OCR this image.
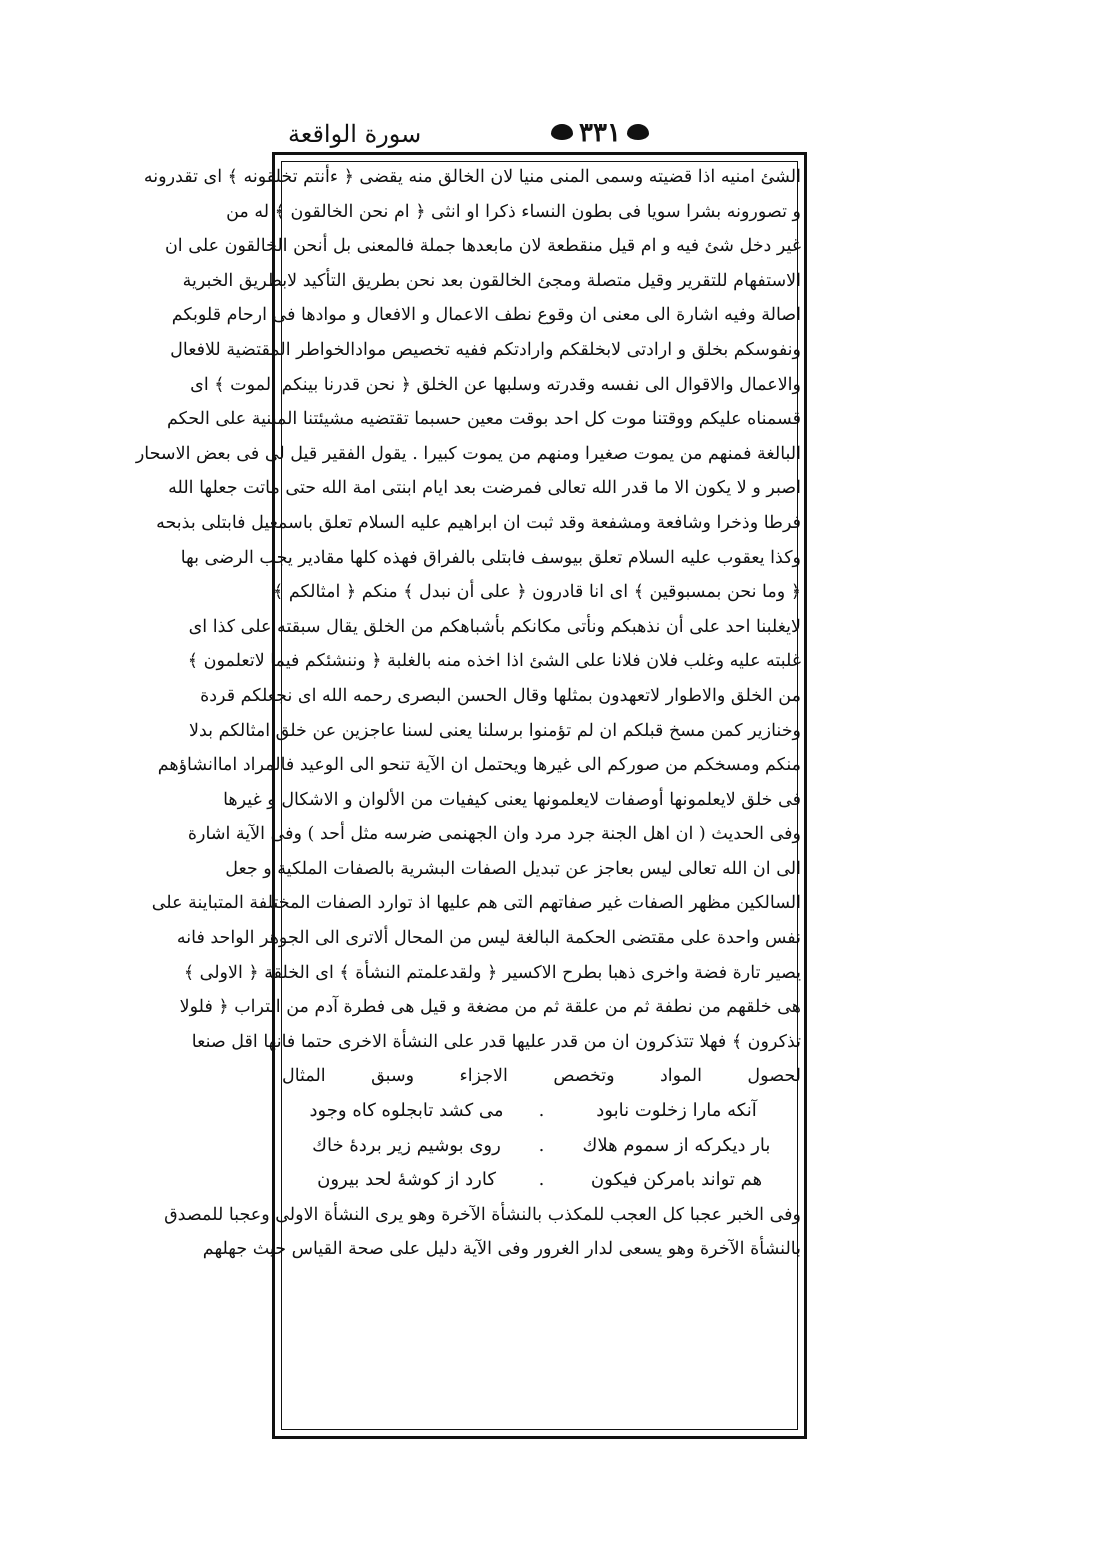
٣٣١
سورة الواقعة
الشئ امنيه اذا قضيته وسمى المنى منيا لان الخالق منه يقضى ﴿ ءأنتم تخلقونه ﴾ اى تقدرونه
و تصورونه بشرا سويا فى بطون النساء ذكرا او انثى ﴿ ام نحن الخالقون ﴾ له من
غير دخل شئ فيه و ام قيل منقطعة لان مابعدها جملة فالمعنى بل أنحن الخالقون على ان
الاستفهام للتقرير وقيل متصلة ومجئ الخالقون بعد نحن بطريق التأكيد لابطريق الخبرية
اصالة وفيه اشارة الى معنى ان وقوع نطف الاعمال و الافعال و موادها فى ارحام قلوبكم
ونفوسكم بخلق و ارادتى لابخلقكم وارادتكم ففيه تخصيص موادالخواطر المقتضية للافعال
والاعمال والاقوال الى نفسه وقدرته وسلبها عن الخلق ﴿ نحن قدرنا بينكم الموت ﴾ اى
قسمناه عليكم ووقتنا موت كل احد بوقت معين حسبما تقتضيه مشيئتنا المبنية على الحكم
البالغة فمنهم من يموت صغيرا ومنهم من يموت كبيرا . يقول الفقير قيل لى فى بعض الاسحار
اصبر و لا يكون الا ما قدر الله تعالى فمرضت بعد ايام ابنتى امة الله حتى ماتت جعلها الله
فرطا وذخرا وشافعة ومشفعة وقد ثبت ان ابراهيم عليه السلام تعلق باسمعيل فابتلى بذبحه
وكذا يعقوب عليه السلام تعلق بيوسف فابتلى بالفراق فهذه كلها مقادير يجب الرضى بها
﴿ وما نحن بمسبوقين ﴾ اى انا قادرون ﴿ على أن نبدل ﴾ منكم ﴿ امثالكم ﴾
لايغلبنا احد على أن نذهبكم ونأتى مكانكم بأشباهكم من الخلق يقال سبقته على كذا اى
غلبته عليه وغلب فلان فلانا على الشئ اذا اخذه منه بالغلبة ﴿ وننشئكم فيما لاتعلمون ﴾
من الخلق والاطوار لاتعهدون بمثلها وقال الحسن البصرى رحمه الله اى نجعلكم قردة
وخنازير كمن مسخ قبلكم ان لم تؤمنوا برسلنا يعنى لسنا عاجزين عن خلق امثالكم بدلا
منكم ومسخكم من صوركم الى غيرها ويحتمل ان الآية تنحو الى الوعيد فالمراد اماانشاؤهم
فى خلق لايعلمونها أوصفات لايعلمونها يعنى كيفيات من الألوان و الاشكال و غيرها
وفى الحديث ( ان اهل الجنة جرد مرد وان الجهنمى ضرسه مثل أحد ) وفى الآية اشارة
الى ان الله تعالى ليس بعاجز عن تبديل الصفات البشرية بالصفات الملكية و جعل
السالكين مظهر الصفات غير صفاتهم التى هم عليها اذ توارد الصفات المختلفة المتباينة على
نفس واحدة على مقتضى الحكمة البالغة ليس من المحال ألاترى الى الجوهر الواحد فانه
يصير تارة فضة واخرى ذهبا بطرح الاكسير ﴿ ولقدعلمتم النشأة ﴾ اى الخلقة ﴿ الاولى ﴾
هى خلقهم من نطفة ثم من علقة ثم من مضغة و قيل هى فطرة آدم من التراب ﴿ فلولا
تذكرون ﴾ فهلا تتذكرون ان من قدر عليها قدر على النشأة الاخرى حتما فانها اقل صنعا
لحصول المواد وتخصص الاجزاء وسبق المثال
آنكه مارا زخلوت نابود
.
مى كشد تابجلوه كاه وجود
بار ديكركه از سموم هلاك
.
روى بوشيم زير بردهٔ خاك
هم تواند بامركن فيكون
.
كارد از كوشهٔ لحد بيرون
وفى الخبر عجبا كل العجب للمكذب بالنشأة الآخرة وهو يرى النشأة الاولى وعجبا للمصدق
بالنشأة الآخرة وهو يسعى لدار الغرور وفى الآية دليل على صحة القياس حيث جهلهم
